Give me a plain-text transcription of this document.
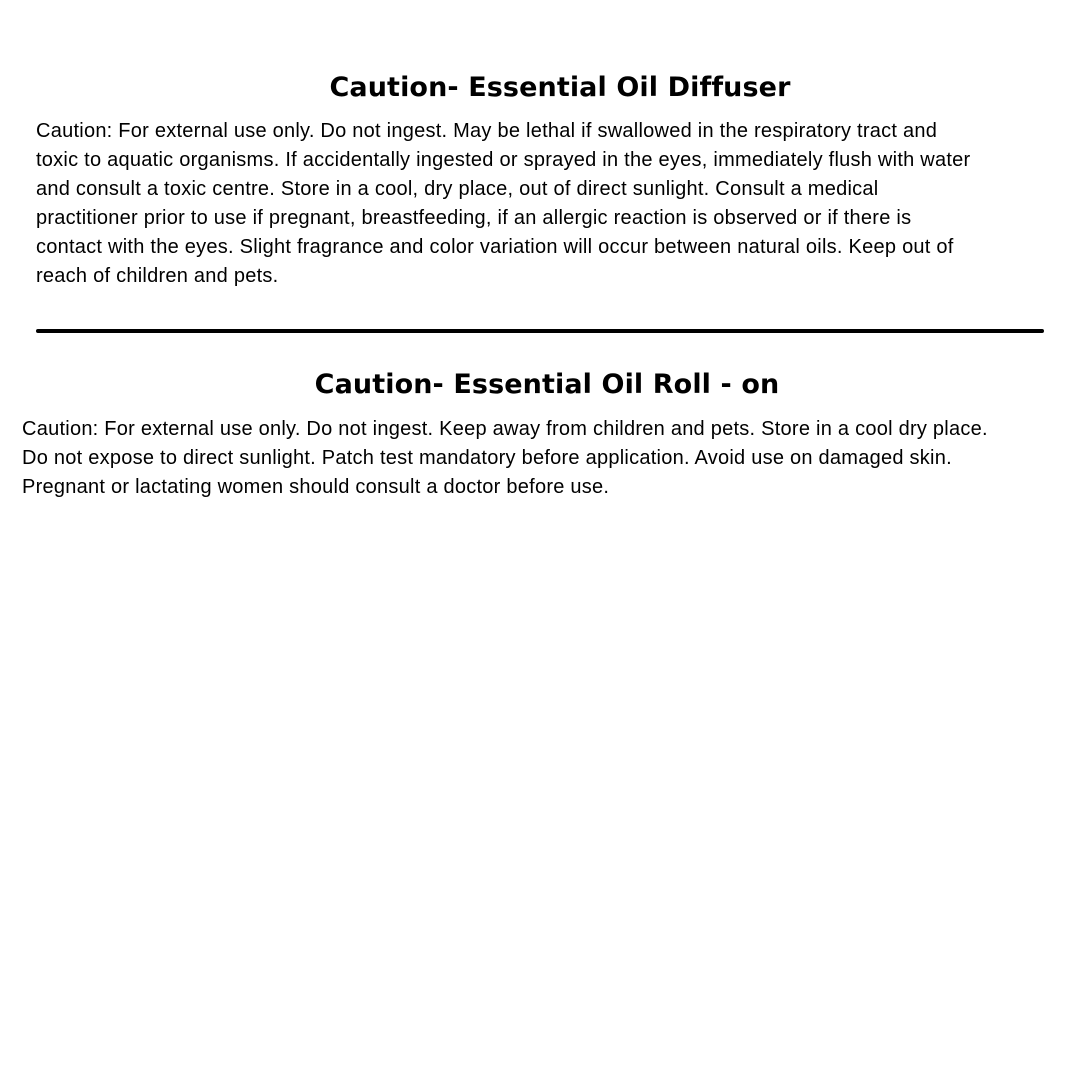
Caution- Essential Oil Diffuser
Caution: For external use only. Do not ingest. May be lethal if swallowed in the respiratory tract and
toxic to aquatic organisms. If accidentally ingested or sprayed in the eyes, immediately flush with water
and consult a toxic centre. Store in a cool, dry place, out of direct sunlight. Consult a medical
practitioner prior to use if pregnant, breastfeeding, if an allergic reaction is observed or if there is
contact with the eyes. Slight fragrance and color variation will occur between natural oils. Keep out of
reach of children and pets.
Caution- Essential Oil Roll - on
Caution: For external use only. Do not ingest. Keep away from children and pets. Store in a cool dry place.
Do not expose to direct sunlight. Patch test mandatory before application. Avoid use on damaged skin.
Pregnant or lactating women should consult a doctor before use.
